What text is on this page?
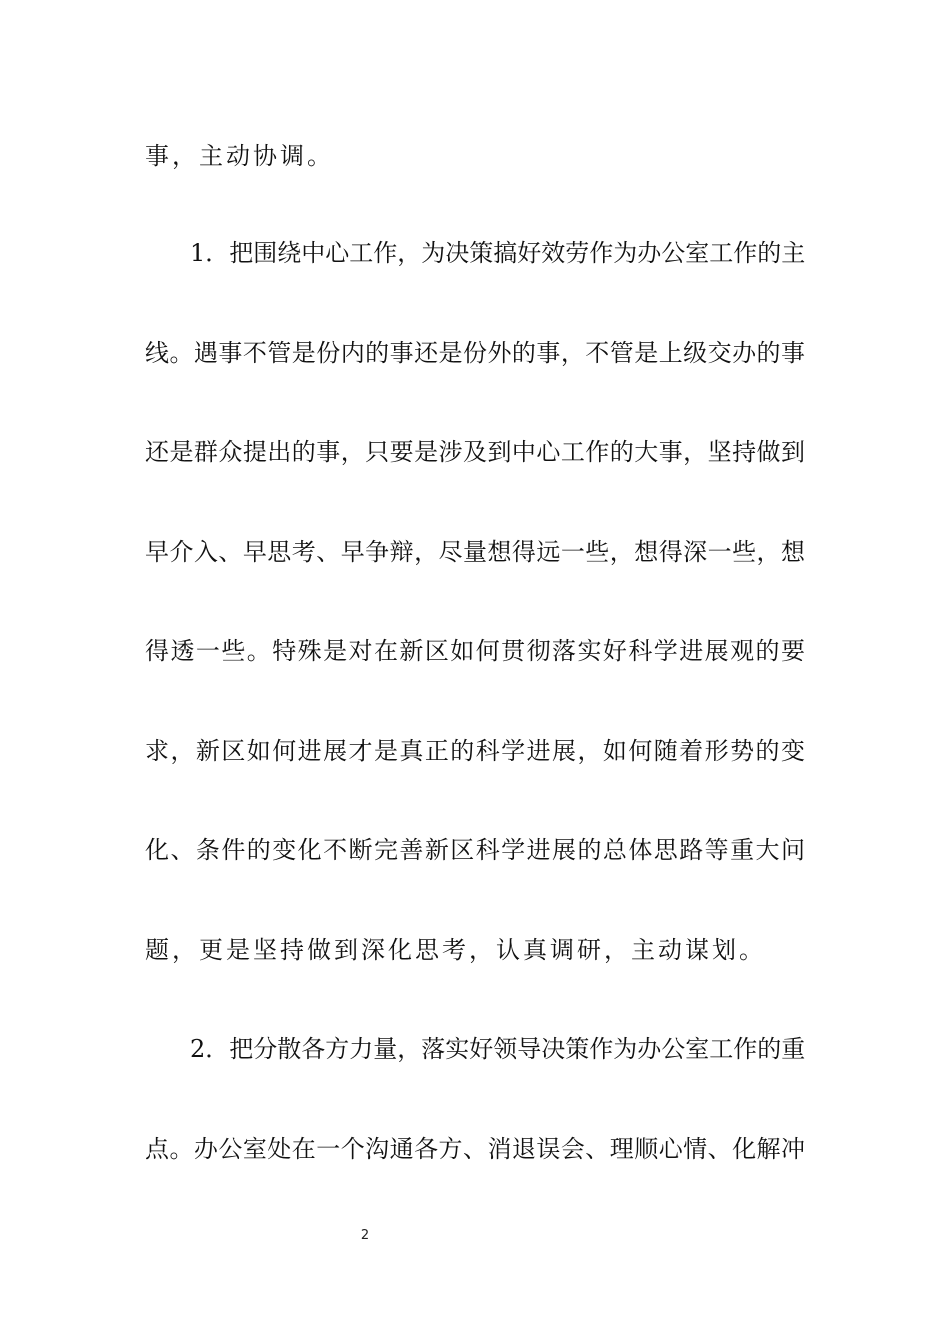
事，主动协调。
1．把围绕中心工作，为决策搞好效劳作为办公室工作的主
线。遇事不管是份内的事还是份外的事，不管是上级交办的事
还是群众提出的事，只要是涉及到中心工作的大事，坚持做到
早介入、早思考、早争辩，尽量想得远一些，想得深一些，想
得透一些。特殊是对在新区如何贯彻落实好科学进展观的要
求，新区如何进展才是真正的科学进展，如何随着形势的变
化、条件的变化不断完善新区科学进展的总体思路等重大问
题，更是坚持做到深化思考，认真调研，主动谋划。
2．把分散各方力量，落实好领导决策作为办公室工作的重
点。办公室处在一个沟通各方、消退误会、理顺心情、化解冲
2
